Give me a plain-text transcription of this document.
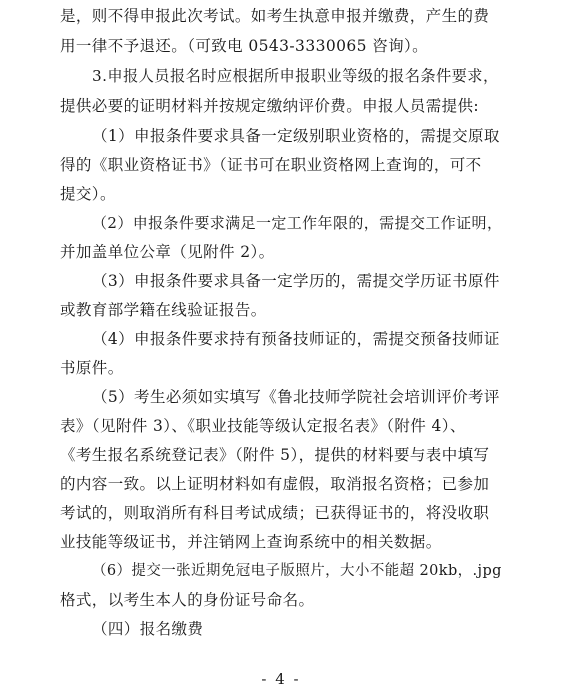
是，则不得申报此次考试。如考生执意申报并缴费，产生的费
用一律不予退还。（可致电 0543-3330065 咨询）。
3.申报人员报名时应根据所申报职业等级的报名条件要求，
提供必要的证明材料并按规定缴纳评价费。申报人员需提供:
（1）申报条件要求具备一定级别职业资格的，需提交原取
得的《职业资格证书》（证书可在职业资格网上查询的，可不
提交）。
（2）申报条件要求满足一定工作年限的，需提交工作证明，
并加盖单位公章（见附件 2）。
（3）申报条件要求具备一定学历的，需提交学历证书原件
或教育部学籍在线验证报告。
（4）申报条件要求持有预备技师证的，需提交预备技师证
书原件。
（5）考生必须如实填写《鲁北技师学院社会培训评价考评
表》（见附件 3）、《职业技能等级认定报名表》（附件 4）、
《考生报名系统登记表》（附件 5），提供的材料要与表中填写
的内容一致。以上证明材料如有虚假，取消报名资格；已参加
考试的，则取消所有科目考试成绩；已获得证书的，将没收职
业技能等级证书，并注销网上查询系统中的相关数据。
（6）提交一张近期免冠电子版照片，大小不能超 20kb，.jpg
格式，以考生本人的身份证号命名。
（四）报名缴费
- 4 -
